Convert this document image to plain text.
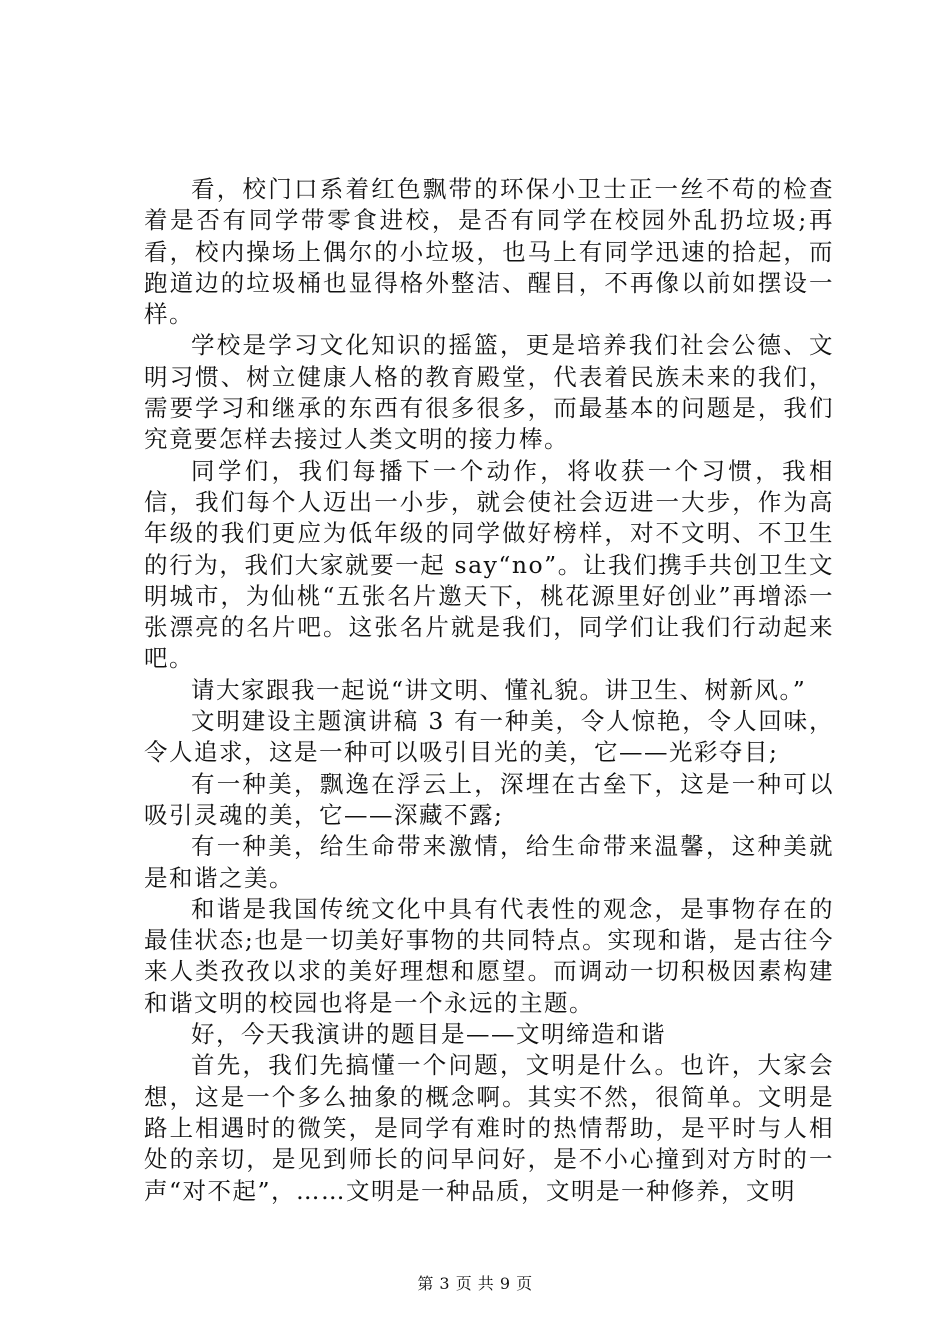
看，校门口系着红色飘带的环保小卫士正一丝不苟的检查着是否有同学带零食进校，是否有同学在校园外乱扔垃圾;再看，校内操场上偶尔的小垃圾，也马上有同学迅速的拾起，而跑道边的垃圾桶也显得格外整洁、醒目，不再像以前如摆设一样。

学校是学习文化知识的摇篮，更是培养我们社会公德、文明习惯、树立健康人格的教育殿堂，代表着民族未来的我们，需要学习和继承的东西有很多很多，而最基本的问题是，我们究竟要怎样去接过人类文明的接力棒。

同学们，我们每播下一个动作，将收获一个习惯，我相信，我们每个人迈出一小步，就会使社会迈进一大步，作为高年级的我们更应为低年级的同学做好榜样，对不文明、不卫生的行为，我们大家就要一起 say“no”。让我们携手共创卫生文明城市，为仙桃“五张名片邀天下，桃花源里好创业”再增添一张漂亮的名片吧。这张名片就是我们，同学们让我们行动起来吧。

请大家跟我一起说“讲文明、懂礼貌。讲卫生、树新风。”

文明建设主题演讲稿 3 有一种美，令人惊艳，令人回味，令人追求，这是一种可以吸引目光的美，它——光彩夺目;

有一种美，飘逸在浮云上，深埋在古垒下，这是一种可以吸引灵魂的美，它——深藏不露;

有一种美，给生命带来激情，给生命带来温馨，这种美就是和谐之美。

和谐是我国传统文化中具有代表性的观念，是事物存在的最佳状态;也是一切美好事物的共同特点。实现和谐，是古往今来人类孜孜以求的美好理想和愿望。而调动一切积极因素构建和谐文明的校园也将是一个永远的主题。

好，今天我演讲的题目是——文明缔造和谐

首先，我们先搞懂一个问题，文明是什么。也许，大家会想，这是一个多么抽象的概念啊。其实不然，很简单。文明是路上相遇时的微笑，是同学有难时的热情帮助，是平时与人相处的亲切，是见到师长的问早问好，是不小心撞到对方时的一声“对不起”，……文明是一种品质，文明是一种修养，文明

第 3 页 共 9 页
